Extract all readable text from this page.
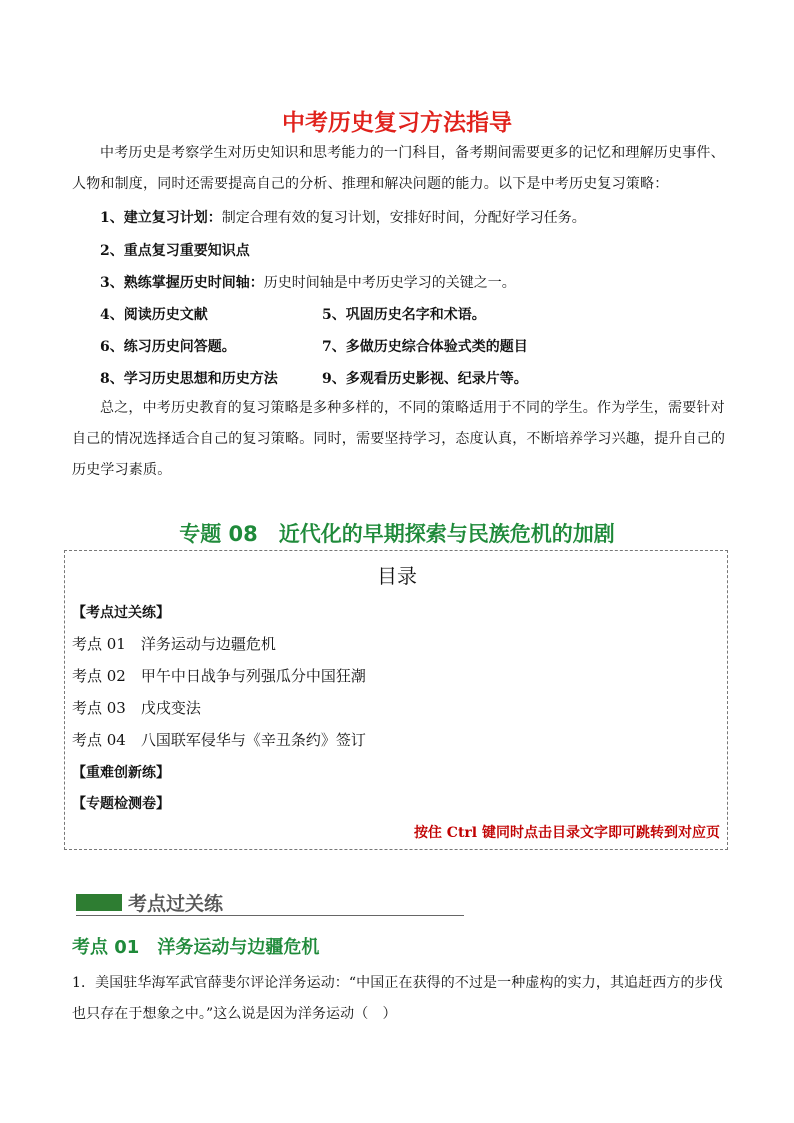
中考历史复习方法指导
中考历史是考察学生对历史知识和思考能力的一门科目，备考期间需要更多的记忆和理解历史事件、人物和制度，同时还需要提高自己的分析、推理和解决问题的能力。以下是中考历史复习策略：
1、建立复习计划：制定合理有效的复习计划，安排好时间，分配好学习任务。
2、重点复习重要知识点
3、熟练掌握历史时间轴：历史时间轴是中考历史学习的关键之一。
4、阅读历史文献	5、巩固历史名字和术语。
6、练习历史问答题。	7、多做历史综合体验式类的题目
8、学习历史思想和历史方法	9、多观看历史影视、纪录片等。
总之，中考历史教育的复习策略是多种多样的，不同的策略适用于不同的学生。作为学生，需要针对自己的情况选择适合自己的复习策略。同时，需要坚持学习，态度认真，不断培养学习兴趣，提升自己的历史学习素质。
专题 08　近代化的早期探索与民族危机的加剧
目录
【考点过关练】
考点 01　洋务运动与边疆危机
考点 02　甲午中日战争与列强瓜分中国狂潮
考点 03　戊戌变法
考点 04　八国联军侵华与《辛丑条约》签订
【重难创新练】
【专题检测卷】
按住 Ctrl 键同时点击目录文字即可跳转到对应页
考点过关练
考点 01　洋务运动与边疆危机
1．美国驻华海军武官薛斐尔评论洋务运动：“中国正在获得的不过是一种虚构的实力，其追赶西方的步伐也只存在于想象之中。”这么说是因为洋务运动（　）
